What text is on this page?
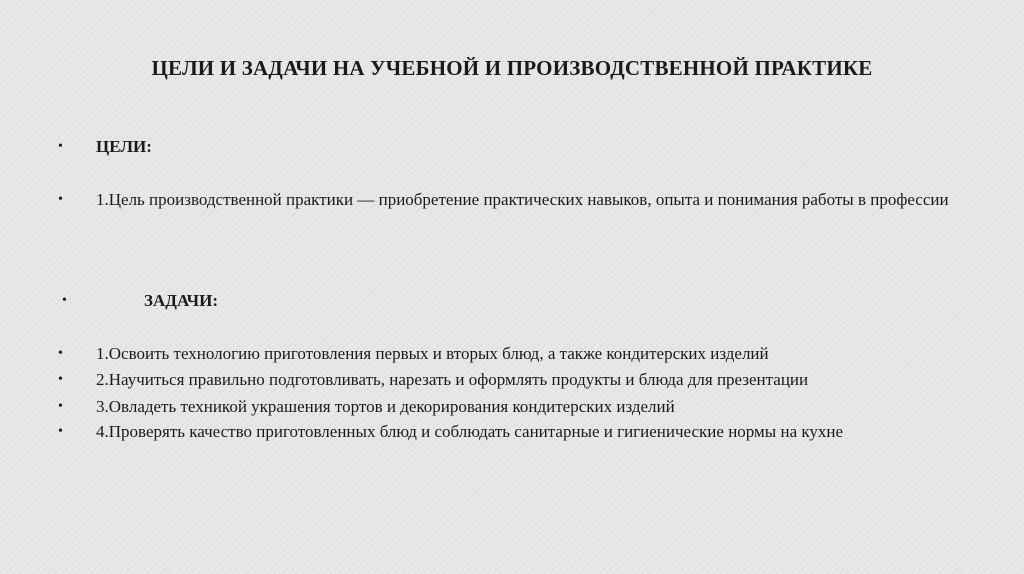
ЦЕЛИ И ЗАДАЧИ НА УЧЕБНОЙ И ПРОИЗВОДСТВЕННОЙ ПРАКТИКЕ
•	ЦЕЛИ:
•	1.Цель производственной практики — приобретение практических навыков, опыта и понимания работы в профессии
•	ЗАДАЧИ:
•	1.Освоить технологию приготовления первых и вторых блюд, а также кондитерских изделий
•	2.Научиться правильно подготовливать, нарезать и оформлять продукты и блюда для презентации
•	3.Овладеть техникой украшения тортов и декорирования кондитерских изделий
•	4.Проверять качество приготовленных блюд и соблюдать санитарные и гигиенические нормы на кухне
